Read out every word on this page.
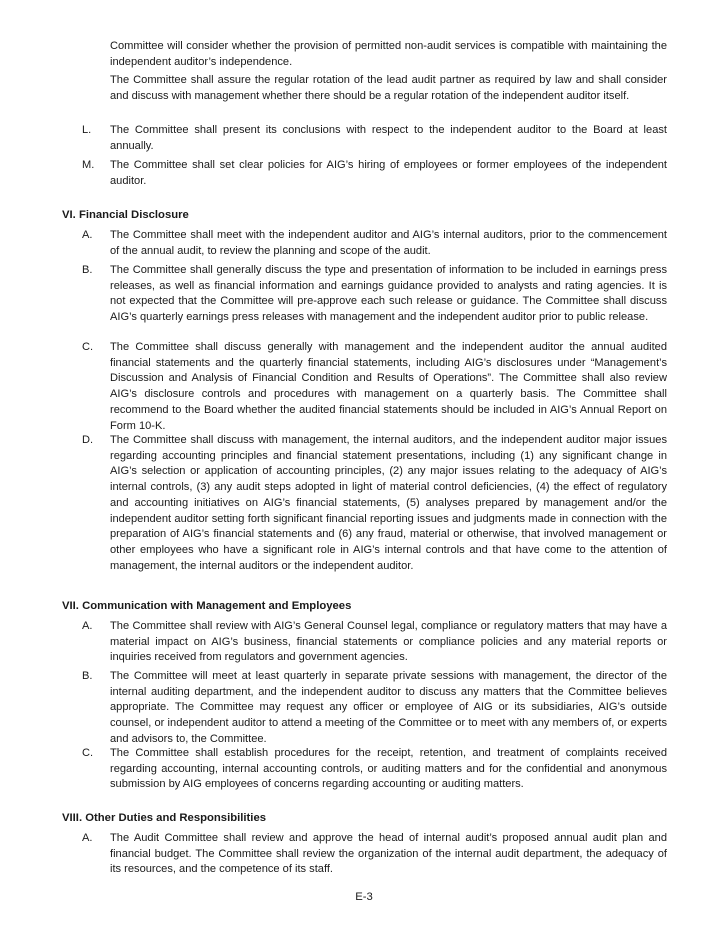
Committee will consider whether the provision of permitted non-audit services is compatible with maintaining the independent auditor’s independence.

The Committee shall assure the regular rotation of the lead audit partner as required by law and shall consider and discuss with management whether there should be a regular rotation of the independent auditor itself.

L.	The Committee shall present its conclusions with respect to the independent auditor to the Board at least annually.

M.	The Committee shall set clear policies for AIG’s hiring of employees or former employees of the independent auditor.

VI. Financial Disclosure
A.	The Committee shall meet with the independent auditor and AIG’s internal auditors, prior to the commencement of the annual audit, to review the planning and scope of the audit.

B.	The Committee shall generally discuss the type and presentation of information to be included in earnings press releases, as well as financial information and earnings guidance provided to analysts and rating agencies. It is not expected that the Committee will pre-approve each such release or guidance. The Committee shall discuss AIG’s quarterly earnings press releases with management and the independent auditor prior to public release.

C.	The Committee shall discuss generally with management and the independent auditor the annual audited financial statements and the quarterly financial statements, including AIG’s disclosures under “Management’s Discussion and Analysis of Financial Condition and Results of Operations”. The Committee shall also review AIG’s disclosure controls and procedures with management on a quarterly basis. The Committee shall recommend to the Board whether the audited financial statements should be included in AIG’s Annual Report on Form 10-K.

D.	The Committee shall discuss with management, the internal auditors, and the independent auditor major issues regarding accounting principles and financial statement presentations, including (1) any significant change in AIG’s selection or application of accounting principles, (2) any major issues relating to the adequacy of AIG’s internal controls, (3) any audit steps adopted in light of material control deficiencies, (4) the effect of regulatory and accounting initiatives on AIG’s financial statements, (5) analyses prepared by management and/or the independent auditor setting forth significant financial reporting issues and judgments made in connection with the preparation of AIG’s financial statements and (6) any fraud, material or otherwise, that involved management or other employees who have a significant role in AIG’s internal controls and that have come to the attention of management, the internal auditors or the independent auditor.

VII. Communication with Management and Employees
A.	The Committee shall review with AIG’s General Counsel legal, compliance or regulatory matters that may have a material impact on AIG’s business, financial statements or compliance policies and any material reports or inquiries received from regulators and government agencies.

B.	The Committee will meet at least quarterly in separate private sessions with management, the director of the internal auditing department, and the independent auditor to discuss any matters that the Committee believes appropriate. The Committee may request any officer or employee of AIG or its subsidiaries, AIG’s outside counsel, or independent auditor to attend a meeting of the Committee or to meet with any members of, or experts and advisors to, the Committee.

C.	The Committee shall establish procedures for the receipt, retention, and treatment of complaints received regarding accounting, internal accounting controls, or auditing matters and for the confidential and anonymous submission by AIG employees of concerns regarding accounting or auditing matters.

VIII. Other Duties and Responsibilities
A.	The Audit Committee shall review and approve the head of internal audit’s proposed annual audit plan and financial budget. The Committee shall review the organization of the internal audit department, the adequacy of its resources, and the competence of its staff.

E-3
